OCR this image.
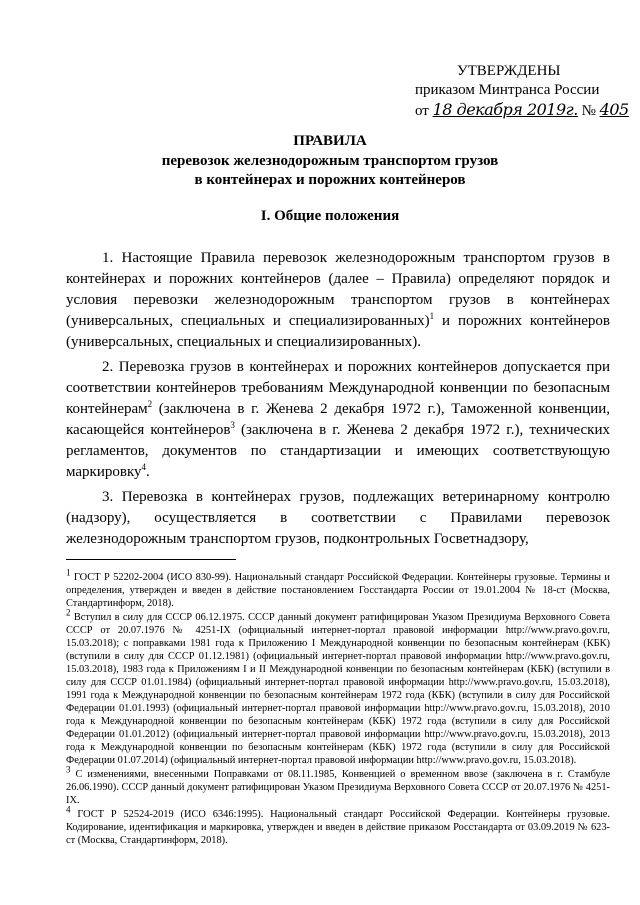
УТВЕРЖДЕНЫ
приказом Минтранса России
от 18 декабря 2019г. № 405
ПРАВИЛА
перевозок железнодорожным транспортом грузов
в контейнерах и порожних контейнеров
I. Общие положения

1. Настоящие Правила перевозок железнодорожным транспортом грузов в контейнерах и порожних контейнеров (далее – Правила) определяют порядок и условия перевозки железнодорожным транспортом грузов в контейнерах (универсальных, специальных и специализированных)$^1$ и порожних контейнеров (универсальных, специальных и специализированных).

2. Перевозка грузов в контейнерах и порожних контейнеров допускается при соответствии контейнеров требованиям Международной конвенции по безопасным контейнерам$^2$ (заключена в г. Женева 2 декабря 1972 г.), Таможенной конвенции, касающейся контейнеров$^3$ (заключена в г. Женева 2 декабря 1972 г.), технических регламентов, документов по стандартизации и имеющих соответствующую маркировку$^4$.

3. Перевозка в контейнерах грузов, подлежащих ветеринарному контролю (надзору), осуществляется в соответствии с Правилами перевозок железнодорожным транспортом грузов, подконтрольных Госветнадзору,

$^1$ ГОСТ Р 52202-2004 (ИСО 830-99). Национальный стандарт Российской Федерации. Контейнеры грузовые. Термины и определения, утвержден и введен в действие постановлением Госстандарта России от 19.01.2004 № 18-ст (Москва, Стандартинформ, 2018).

$^2$ Вступил в силу для СССР 06.12.1975. СССР данный документ ратифицирован Указом Президиума Верховного Совета СССР от 20.07.1976 № 4251-IX (официальный интернет-портал правовой информации http://www.pravo.gov.ru, 15.03.2018); с поправками 1981 года к Приложению I Международной конвенции по безопасным контейнерам (КБК) (вступили в силу для СССР 01.12.1981) (официальный интернет-портал правовой информации http://www.pravo.gov.ru, 15.03.2018), 1983 года к Приложениям I и II Международной конвенции по безопасным контейнерам (КБК) (вступили в силу для СССР 01.01.1984) (официальный интернет-портал правовой информации http://www.pravo.gov.ru, 15.03.2018), 1991 года к Международной конвенции по безопасным контейнерам 1972 года (КБК) (вступили в силу для Российской Федерации 01.01.1993) (официальный интернет-портал правовой информации http://www.pravo.gov.ru, 15.03.2018), 2010 года к Международной конвенции по безопасным контейнерам (КБК) 1972 года (вступили в силу для Российской Федерации 01.01.2012) (официальный интернет-портал правовой информации http://www.pravo.gov.ru, 15.03.2018), 2013 года к Международной конвенции по безопасным контейнерам (КБК) 1972 года (вступили в силу для Российской Федерации 01.07.2014) (официальный интернет-портал правовой информации http://www.pravo.gov.ru, 15.03.2018).

$^3$ С изменениями, внесенными Поправками от 08.11.1985, Конвенцией о временном ввозе (заключена в г. Стамбуле 26.06.1990). СССР данный документ ратифицирован Указом Президиума Верховного Совета СССР от 20.07.1976 № 4251-IX.

$^4$ ГОСТ Р 52524-2019 (ИСО 6346:1995). Национальный стандарт Российской Федерации. Контейнеры грузовые. Кодирование, идентификация и маркировка, утвержден и введен в действие приказом Росстандарта от 03.09.2019 № 623-ст (Москва, Стандартинформ, 2018).
